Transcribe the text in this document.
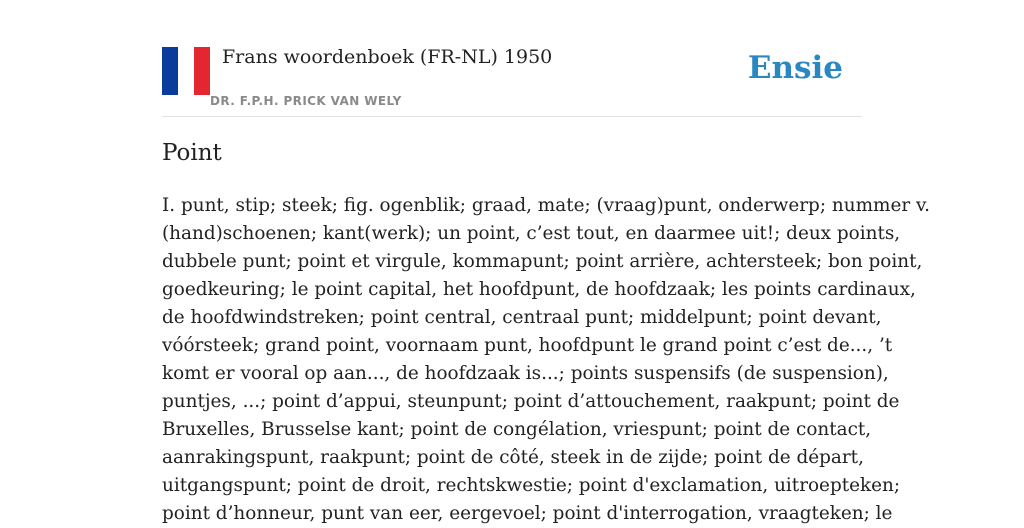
Frans woordenboek (FR-NL) 1950
DR. F.P.H. PRICK VAN WELY
Ensie
Point
I. punt, stip; steek; fig. ogenblik; graad, mate; (vraag)punt, onderwerp; nummer v.
(hand)schoenen; kant(werk); un point, c’est tout, en daarmee uit!; deux points,
dubbele punt; point et virgule, kommapunt; point arrière, achtersteek; bon point,
goedkeuring; le point capital, het hoofdpunt, de hoofdzaak; les points cardinaux,
de hoofdwindstreken; point central, centraal punt; middelpunt; point devant,
vóórsteek; grand point, voornaam punt, hoofdpunt le grand point c’est de..., ’t
komt er vooral op aan..., de hoofdzaak is...; points suspensifs (de suspension),
puntjes, ...; point d’appui, steunpunt; point d’attouchement, raakpunt; point de
Bruxelles, Brusselse kant; point de congélation, vriespunt; point de contact,
aanrakingspunt, raakpunt; point de côté, steek in de zijde; point de départ,
uitgangspunt; point de droit, rechtskwestie; point d'exclamation, uitroepteken;
point d’honneur, punt van eer, eergevoel; point d'interrogation, vraagteken; le
